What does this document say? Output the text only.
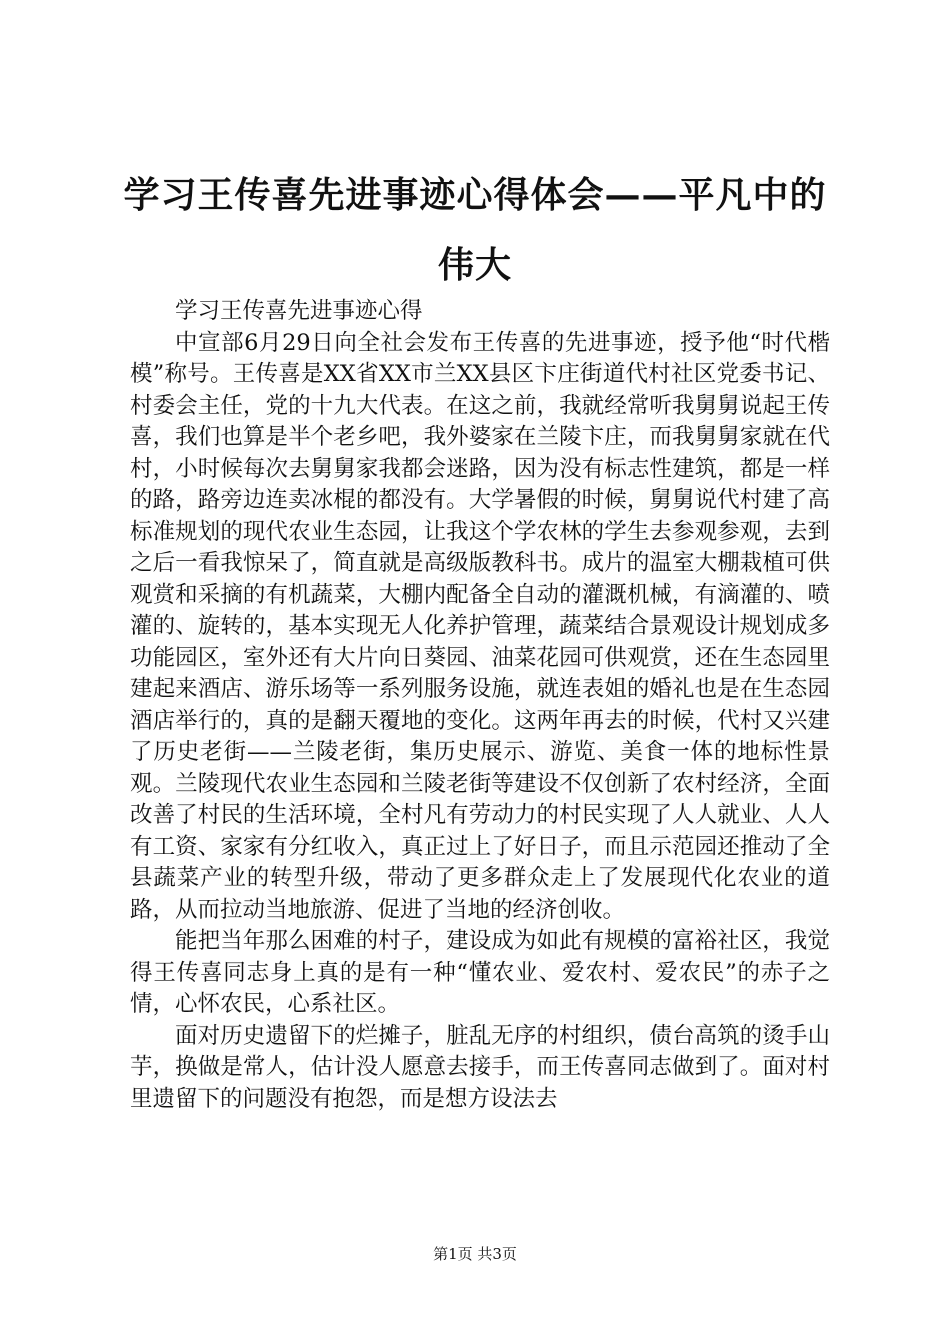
学习王传喜先进事迹心得体会——平凡中的伟大

学习王传喜先进事迹心得

中宣部6月29日向全社会发布王传喜的先进事迹，授予他“时代楷模”称号。王传喜是XX省XX市兰XX县区卞庄街道代村社区党委书记、村委会主任，党的十九大代表。在这之前，我就经常听我舅舅说起王传喜，我们也算是半个老乡吧，我外婆家在兰陵卞庄，而我舅舅家就在代村，小时候每次去舅舅家我都会迷路，因为没有标志性建筑，都是一样的路，路旁边连卖冰棍的都没有。大学暑假的时候，舅舅说代村建了高标准规划的现代农业生态园，让我这个学农林的学生去参观参观，去到之后一看我惊呆了，简直就是高级版教科书。成片的温室大棚栽植可供观赏和采摘的有机蔬菜，大棚内配备全自动的灌溉机械，有滴灌的、喷灌的、旋转的，基本实现无人化养护管理，蔬菜结合景观设计规划成多功能园区，室外还有大片向日葵园、油菜花园可供观赏，还在生态园里建起来酒店、游乐场等一系列服务设施，就连表姐的婚礼也是在生态园酒店举行的，真的是翻天覆地的变化。这两年再去的时候，代村又兴建了历史老街——兰陵老街，集历史展示、游览、美食一体的地标性景观。兰陵现代农业生态园和兰陵老街等建设不仅创新了农村经济，全面改善了村民的生活环境，全村凡有劳动力的村民实现了人人就业、人人有工资、家家有分红收入，真正过上了好日子，而且示范园还推动了全县蔬菜产业的转型升级，带动了更多群众走上了发展现代化农业的道路，从而拉动当地旅游、促进了当地的经济创收。

能把当年那么困难的村子，建设成为如此有规模的富裕社区，我觉得王传喜同志身上真的是有一种“懂农业、爱农村、爱农民”的赤子之情，心怀农民，心系社区。

面对历史遗留下的烂摊子，脏乱无序的村组织，债台高筑的烫手山芋，换做是常人，估计没人愿意去接手，而王传喜同志做到了。面对村里遗留下的问题没有抱怨，而是想方设法去

第1页 共3页
